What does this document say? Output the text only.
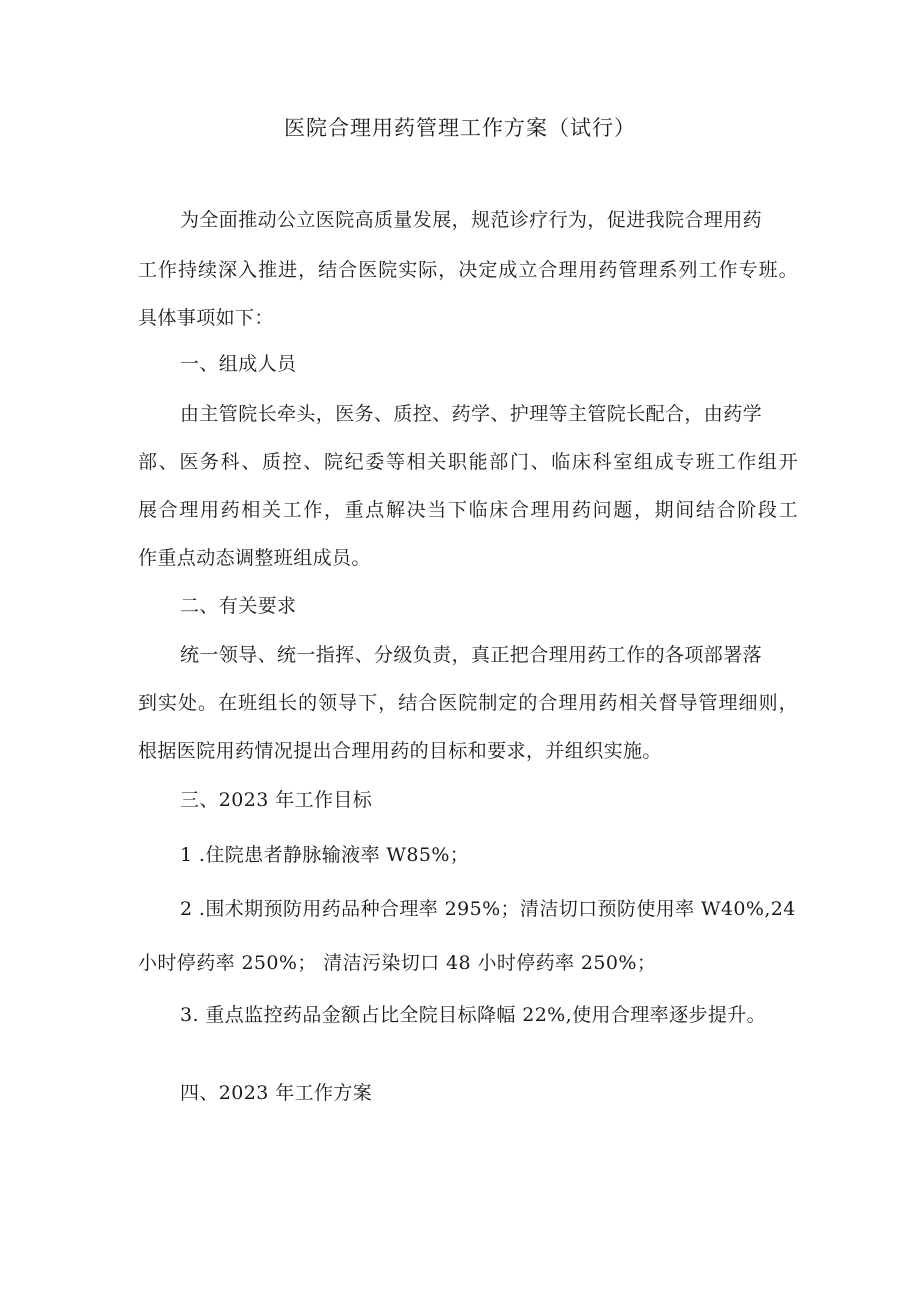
医院合理用药管理工作方案（试行）
为全面推动公立医院高质量发展，规范诊疗行为，促进我院合理用药
工作持续深入推进，结合医院实际，决定成立合理用药管理系列工作专班。
具体事项如下：
一、组成人员
由主管院长牵头，医务、质控、药学、护理等主管院长配合，由药学
部、医务科、质控、院纪委等相关职能部门、临床科室组成专班工作组开
展合理用药相关工作，重点解决当下临床合理用药问题，期间结合阶段工
作重点动态调整班组成员。
二、有关要求
统一领导、统一指挥、分级负责，真正把合理用药工作的各项部署落
到实处。在班组长的领导下，结合医院制定的合理用药相关督导管理细则，
根据医院用药情况提出合理用药的目标和要求，并组织实施。
三、2023 年工作目标
1 .住院患者静脉输液率 W85%；
2 .围术期预防用药品种合理率 295%；清洁切口预防使用率 W40%,24
小时停药率 250%； 清洁污染切口 48 小时停药率 250%；
3. 重点监控药品金额占比全院目标降幅 22%,使用合理率逐步提升。
四、2023 年工作方案
